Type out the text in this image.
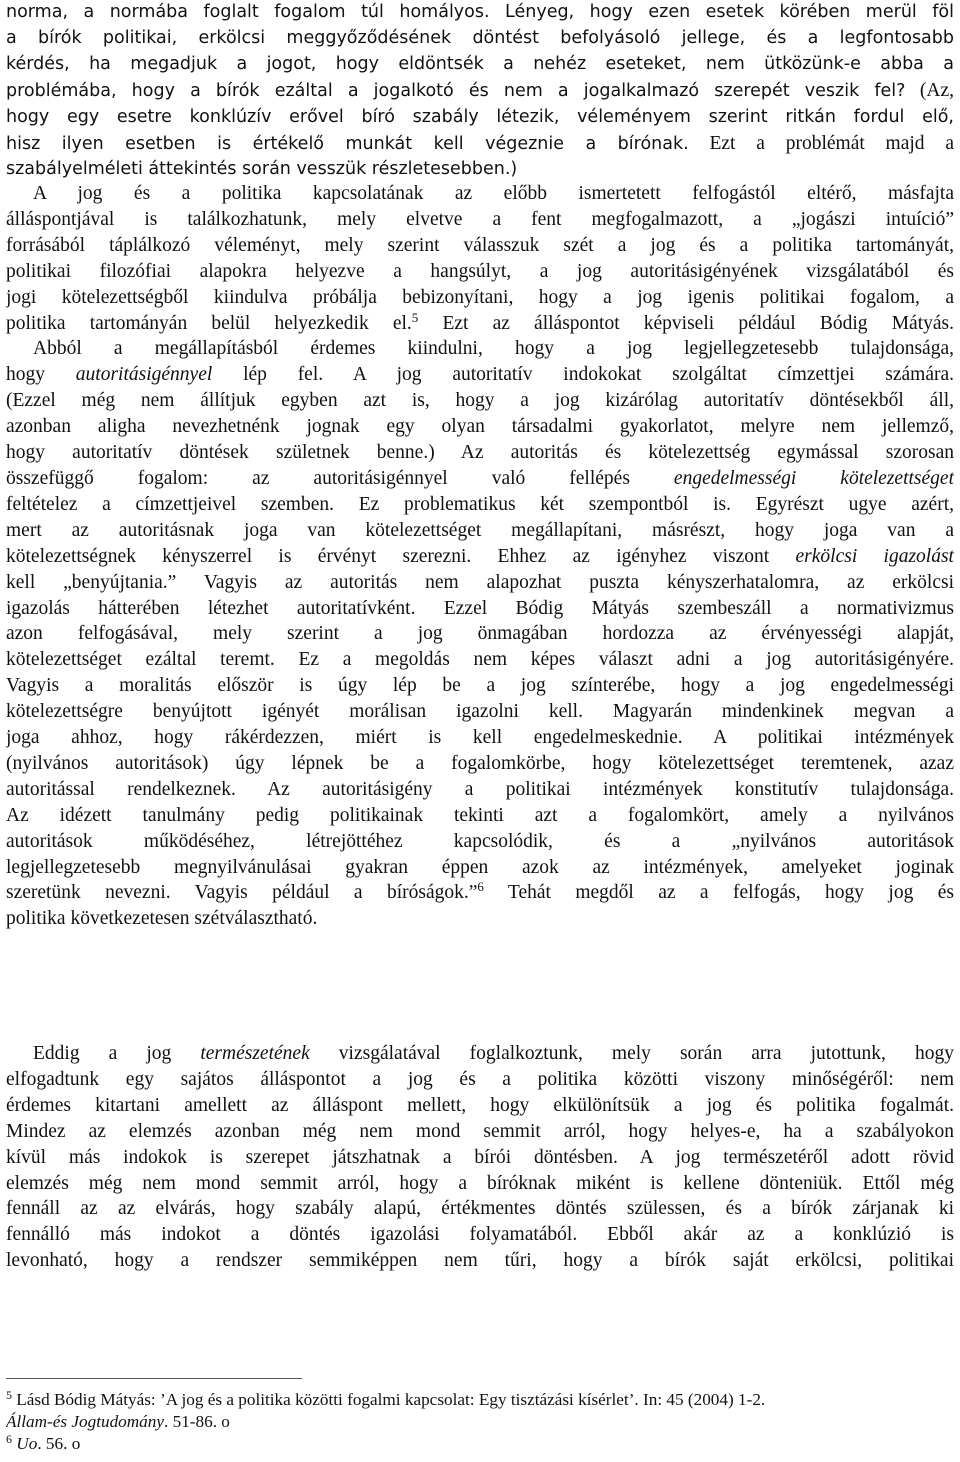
norma, a normába foglalt fogalom túl homályos. Lényeg, hogy ezen esetek körében merül föl
a bírók politikai, erkölcsi meggyőződésének döntést befolyásoló jellege, és a legfontosabb
kérdés, ha megadjuk a jogot, hogy eldöntsék a nehéz eseteket, nem ütközünk-e abba a
problémába, hogy a bírók ezáltal a jogalkotó és nem a jogalkalmazó szerepét veszik fel? (Az,
hogy egy esetre konklúzív erővel bíró szabály létezik, véleményem szerint ritkán fordul elő,
hisz ilyen esetben is értékelő munkát kell végeznie a bírónak. Ezt a problémát majd a
szabályelméleti áttekintés során vesszük részletesebben.)
A jog és a politika kapcsolatának az előbb ismertetett felfogástól eltérő, másfajta
álláspontjával is találkozhatunk, mely elvetve a fent megfogalmazott, a „jogászi intuíció”
forrásából táplálkozó véleményt, mely szerint válasszuk szét a jog és a politika tartományát,
politikai filozófiai alapokra helyezve a hangsúlyt, a jog autoritásigényének vizsgálatából és
jogi kötelezettségből kiindulva próbálja bebizonyítani, hogy a jog igenis politikai fogalom, a
politika tartományán belül helyezkedik el.$^5$ Ezt az álláspontot képviseli például Bódig Mátyás.
Abból a megállapításból érdemes kiindulni, hogy a jog legjellegzetesebb tulajdonsága,
hogy autoritásigénnyel lép fel. A jog autoritatív indokokat szolgáltat címzettjei számára.
(Ezzel még nem állítjuk egyben azt is, hogy a jog kizárólag autoritatív döntésekből áll,
azonban aligha nevezhetnénk jognak egy olyan társadalmi gyakorlatot, melyre nem jellemző,
hogy autoritatív döntések születnek benne.) Az autoritás és kötelezettség egymással szorosan
összefüggő fogalom: az autoritásigénnyel való fellépés engedelmességi kötelezettséget
feltételez a címzettjeivel szemben. Ez problematikus két szempontból is. Egyrészt ugye azért,
mert az autoritásnak joga van kötelezettséget megállapítani, másrészt, hogy joga van a
kötelezettségnek kényszerrel is érvényt szerezni. Ehhez az igényhez viszont erkölcsi igazolást
kell „benyújtania.” Vagyis az autoritás nem alapozhat puszta kényszerhatalomra, az erkölcsi
igazolás hátterében létezhet autoritatívként. Ezzel Bódig Mátyás szembeszáll a normativizmus
azon felfogásával, mely szerint a jog önmagában hordozza az érvényességi alapját,
kötelezettséget ezáltal teremt. Ez a megoldás nem képes választ adni a jog autoritásigényére.
Vagyis a moralitás először is úgy lép be a jog színterébe, hogy a jog engedelmességi
kötelezettségre benyújtott igényét morálisan igazolni kell. Magyarán mindenkinek megvan a
joga ahhoz, hogy rákérdezzen, miért is kell engedelmeskednie. A politikai intézmények
(nyilvános autoritások) úgy lépnek be a fogalomkörbe, hogy kötelezettséget teremtenek, azaz
autoritással rendelkeznek. Az autoritásigény a politikai intézmények konstitutív tulajdonsága.
Az idézett tanulmány pedig politikainak tekinti azt a fogalomkört, amely a nyilvános
autoritások működéséhez, létrejöttéhez kapcsolódik, és a „nyilvános autoritások
legjellegzetesebb megnyilvánulásai gyakran éppen azok az intézmények, amelyeket joginak
szeretünk nevezni. Vagyis például a bíróságok.”$^6$ Tehát megdől az a felfogás, hogy jog és
politika következetesen szétválasztható.
Eddig a jog természetének vizsgálatával foglalkoztunk, mely során arra jutottunk, hogy
elfogadtunk egy sajátos álláspontot a jog és a politika közötti viszony minőségéről: nem
érdemes kitartani amellett az álláspont mellett, hogy elkülönítsük a jog és politika fogalmát.
Mindez az elemzés azonban még nem mond semmit arról, hogy helyes-e, ha a szabályokon
kívül más indokok is szerepet játszhatnak a bírói döntésben. A jog természetéről adott rövid
elemzés még nem mond semmit arról, hogy a bíróknak miként is kellene dönteniük. Ettől még
fennáll az az elvárás, hogy szabály alapú, értékmentes döntés szülessen, és a bírók zárjanak ki
fennálló más indokot a döntés igazolási folyamatából. Ebből akár az a konklúzió is
levonható, hogy a rendszer semmiképpen nem tűri, hogy a bírók saját erkölcsi, politikai
$^5$ Lásd Bódig Mátyás: ’A jog és a politika közötti fogalmi kapcsolat: Egy tisztázási kísérlet’. In: 45 (2004) 1-2.
Állam-és Jogtudomány. 51-86. o
$^6$ Uo. 56. o
